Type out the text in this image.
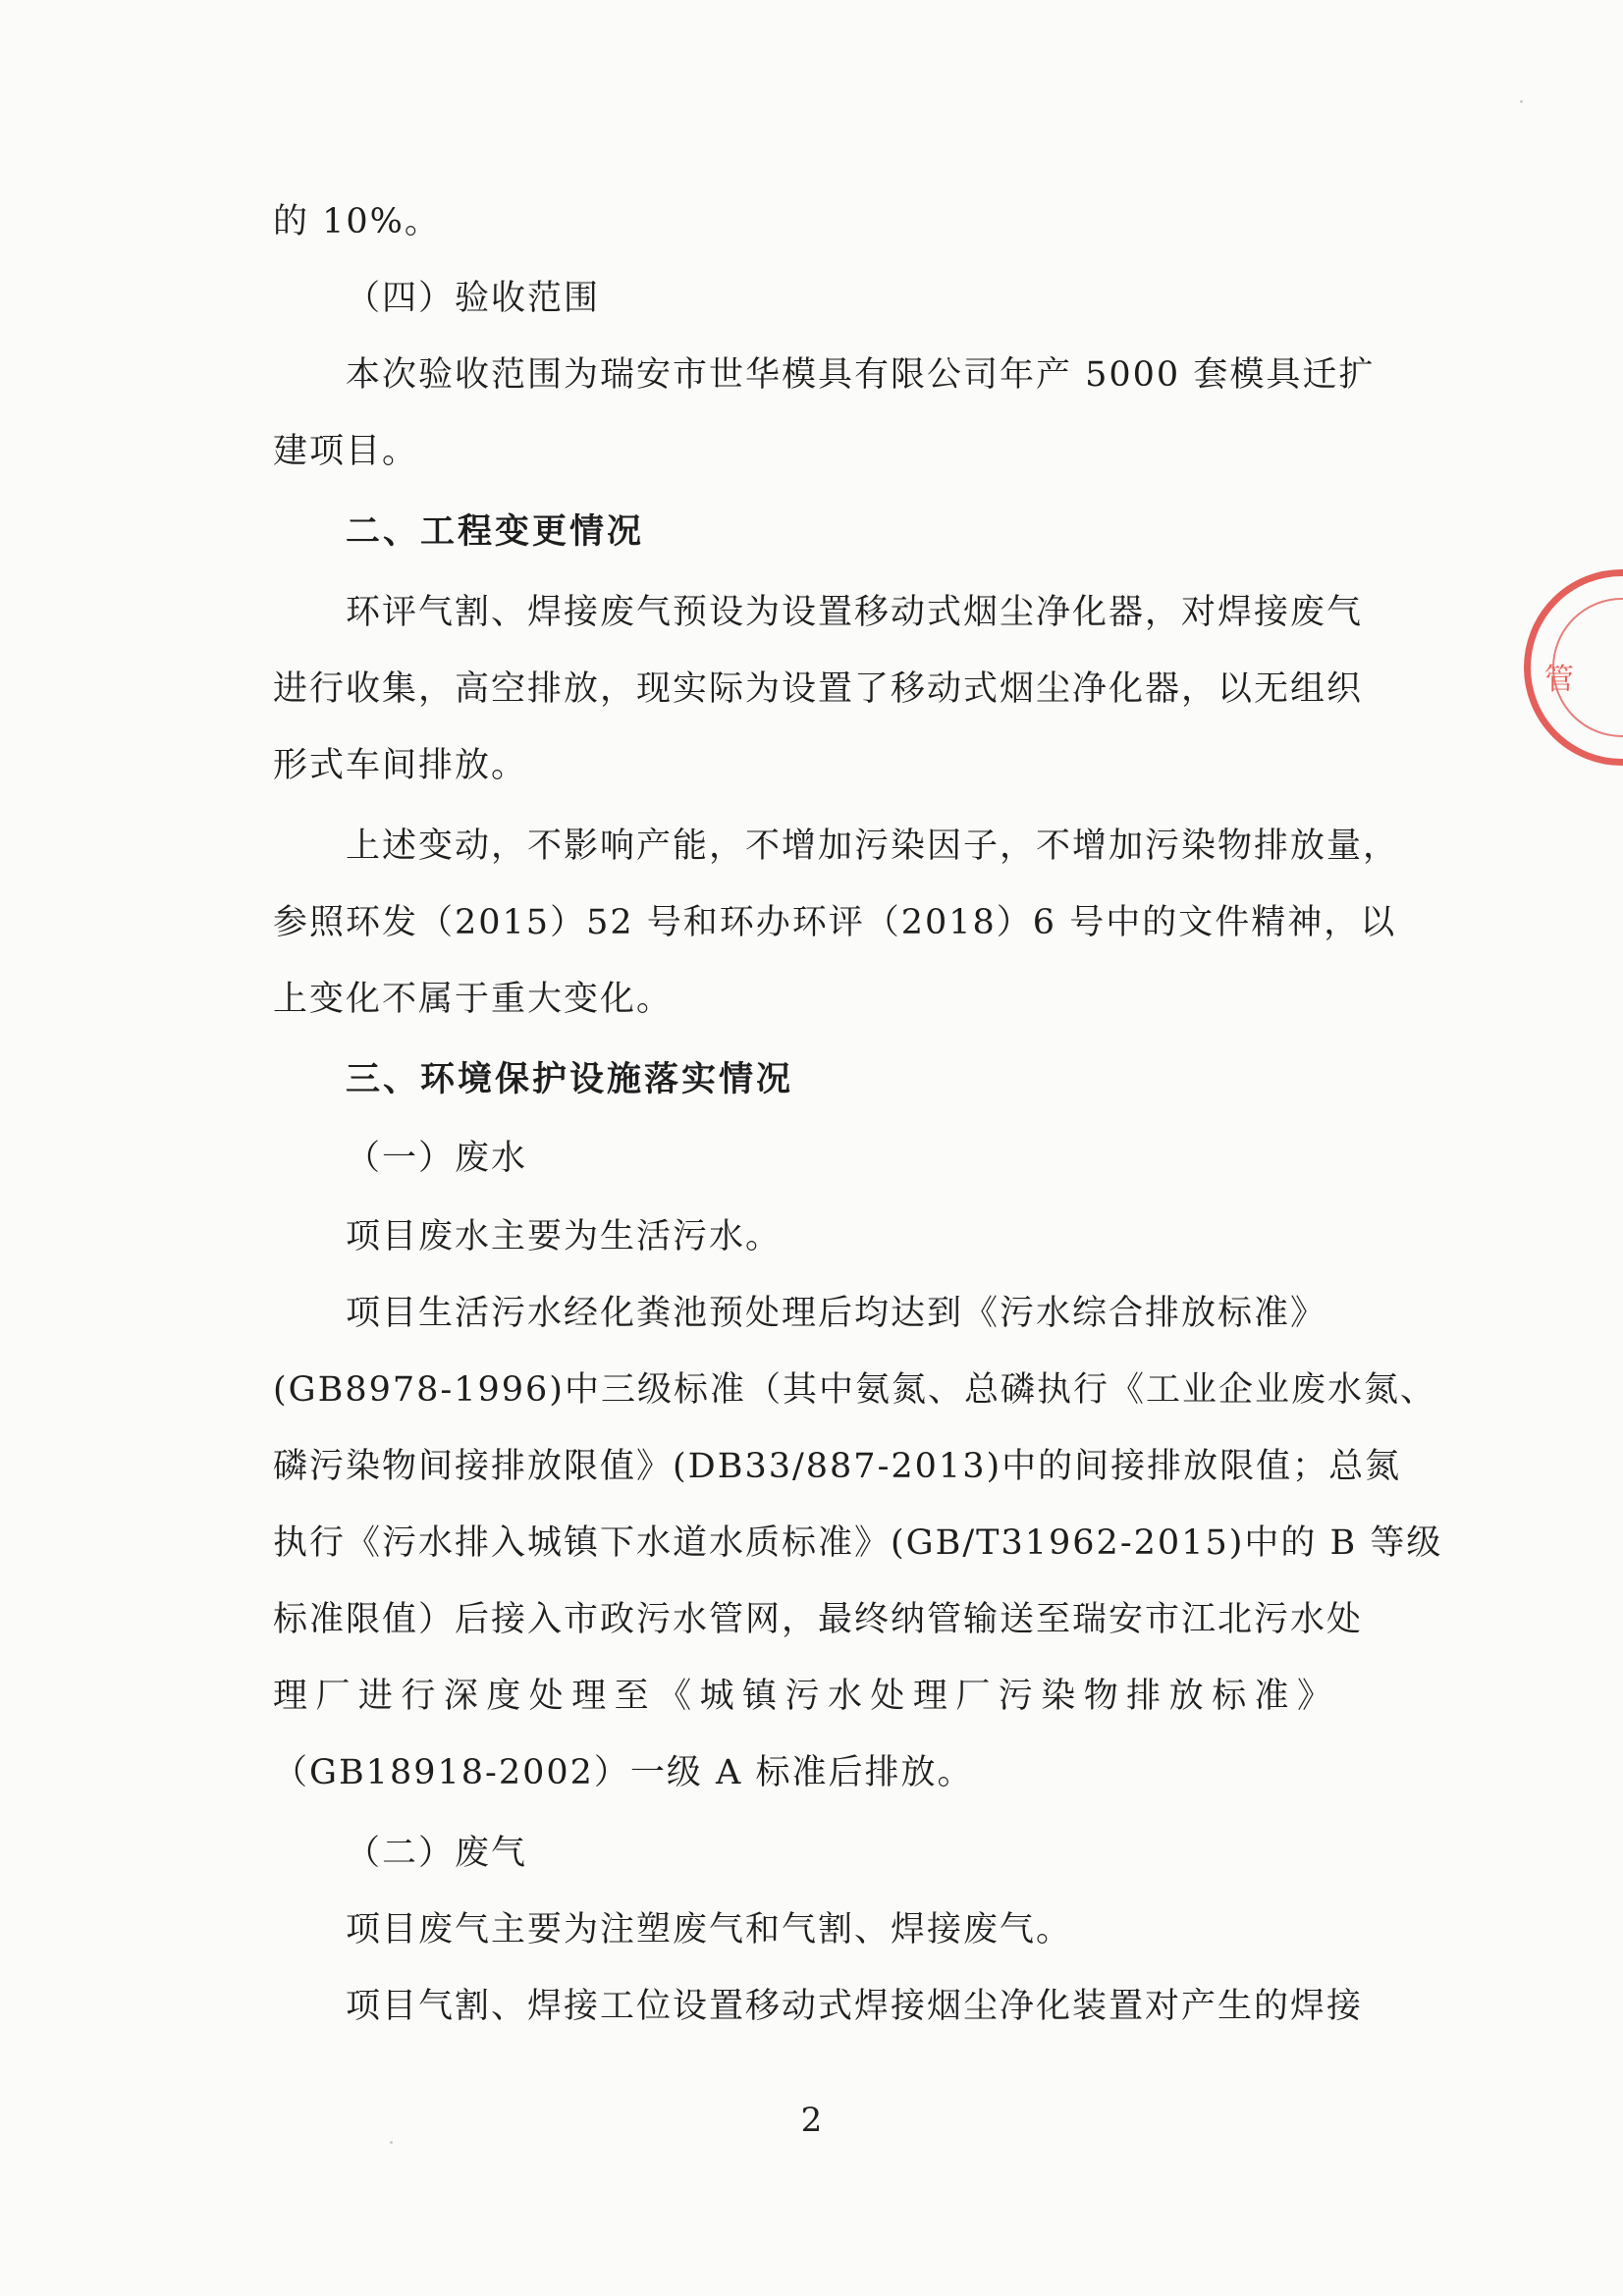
的 10%。
（四）验收范围
本次验收范围为瑞安市世华模具有限公司年产 5000 套模具迁扩
建项目。
二、工程变更情况
环评气割、焊接废气预设为设置移动式烟尘净化器，对焊接废气
进行收集，高空排放，现实际为设置了移动式烟尘净化器，以无组织
形式车间排放。
上述变动，不影响产能，不增加污染因子，不增加污染物排放量，
参照环发（2015）52 号和环办环评（2018）6 号中的文件精神，以
上变化不属于重大变化。
三、环境保护设施落实情况
（一）废水
项目废水主要为生活污水。
项目生活污水经化粪池预处理后均达到《污水综合排放标准》
(GB8978-1996)中三级标准（其中氨氮、总磷执行《工业企业废水氮、
磷污染物间接排放限值》(DB33/887-2013)中的间接排放限值；总氮
执行《污水排入城镇下水道水质标准》(GB/T31962-2015)中的 B 等级
标准限值）后接入市政污水管网，最终纳管输送至瑞安市江北污水处
理厂进行深度处理至《城镇污水处理厂污染物排放标准》
（GB18918-2002）一级 A 标准后排放。
（二）废气
项目废气主要为注塑废气和气割、焊接废气。
项目气割、焊接工位设置移动式焊接烟尘净化装置对产生的焊接
2
管
